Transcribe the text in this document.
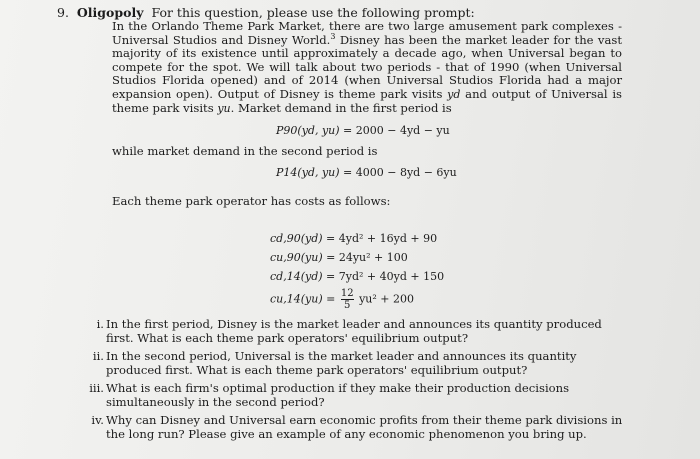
9. Oligopoly For this question, please use the following prompt:
In the Orlando Theme Park Market, there are two large amusement park complexes - Universal Studios and Disney World.$^3$ Disney has been the market leader for the vast majority of its existence until approximately a decade ago, when Universal began to compete for the spot. We will talk about two periods - that of 1990 (when Universal Studios Florida opened) and of 2014 (when Universal Studios Florida had a major expansion open). Output of Disney is theme park visits yd and output of Universal is theme park visits yu. Market demand in the first period is
P90(yd, yu) = 2000 − 4yd − yu
while market demand in the second period is
P14(yd, yu) = 4000 − 8yd − 6yu
Each theme park operator has costs as follows:
cd,90(yd) = 4yd² + 16yd + 90
cu,90(yu) = 24yu² + 100
cd,14(yd) = 7yd² + 40yd + 150
$cu,14(yu) = \frac{12}{5} yu^2 + 200$
i. In the first period, Disney is the market leader and announces its quantity produced first. What is each theme park operators' equilibrium output?
ii. In the second period, Universal is the market leader and announces its quantity produced first. What is each theme park operators' equilibrium output?
iii. What is each firm's optimal production if they make their production decisions simultaneously in the second period?
iv. Why can Disney and Universal earn economic profits from their theme park divisions in the long run? Please give an example of any economic phenomenon you bring up.
